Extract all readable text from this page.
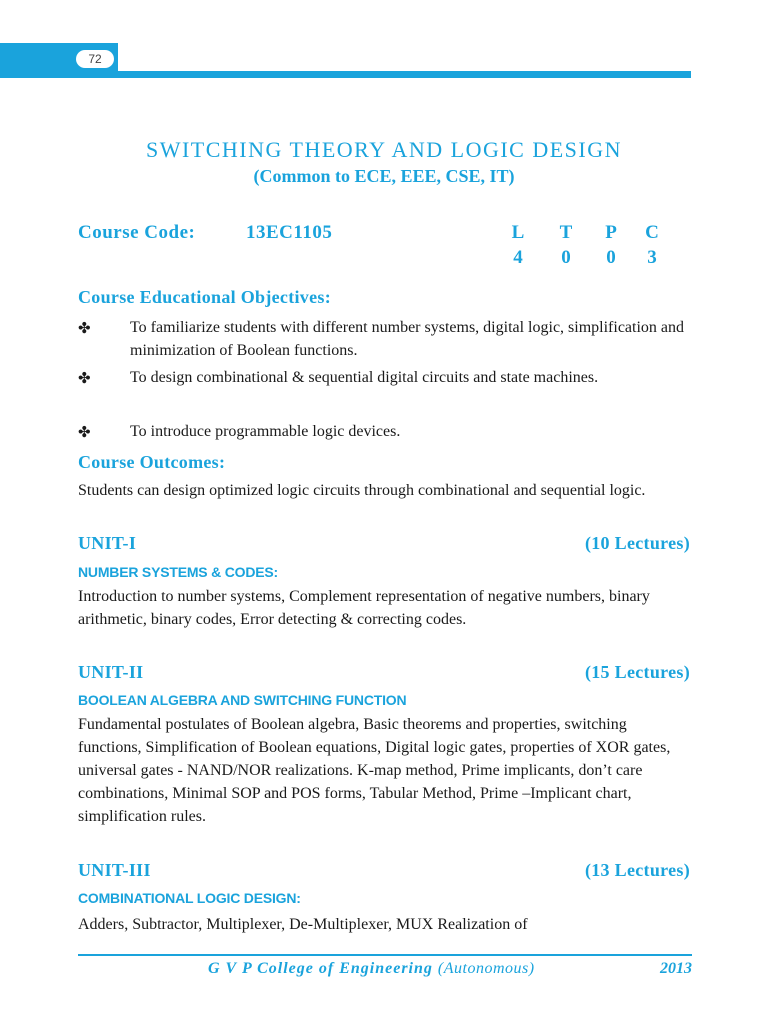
72
SWITCHING THEORY AND LOGIC DESIGN
(Common to ECE, EEE, CSE, IT)
Course Code:	13EC1105	L T P C
4 0 0 3
Course Educational Objectives:
✤ To familiarize students with different number systems, digital logic, simplification and minimization of Boolean functions.
✤ To design combinational & sequential digital circuits and state machines.
✤ To introduce programmable logic devices.
Course Outcomes:
Students can design optimized logic circuits through combinational and sequential logic.
UNIT-I	(10 Lectures)
NUMBER SYSTEMS & CODES:
Introduction to number systems, Complement representation of negative numbers, binary arithmetic, binary codes, Error detecting & correcting codes.
UNIT-II	(15 Lectures)
BOOLEAN ALGEBRA AND SWITCHING FUNCTION
Fundamental postulates of Boolean algebra, Basic theorems and properties, switching functions, Simplification of Boolean equations, Digital logic gates, properties of XOR gates, universal gates - NAND/NOR realizations. K-map method, Prime implicants, don’t care combinations, Minimal SOP and POS forms, Tabular Method, Prime –Implicant chart, simplification rules.
UNIT-III	(13 Lectures)
COMBINATIONAL LOGIC DESIGN:
Adders, Subtractor, Multiplexer, De-Multiplexer, MUX Realization of
G V P College of Engineering (Autonomous)	2013
